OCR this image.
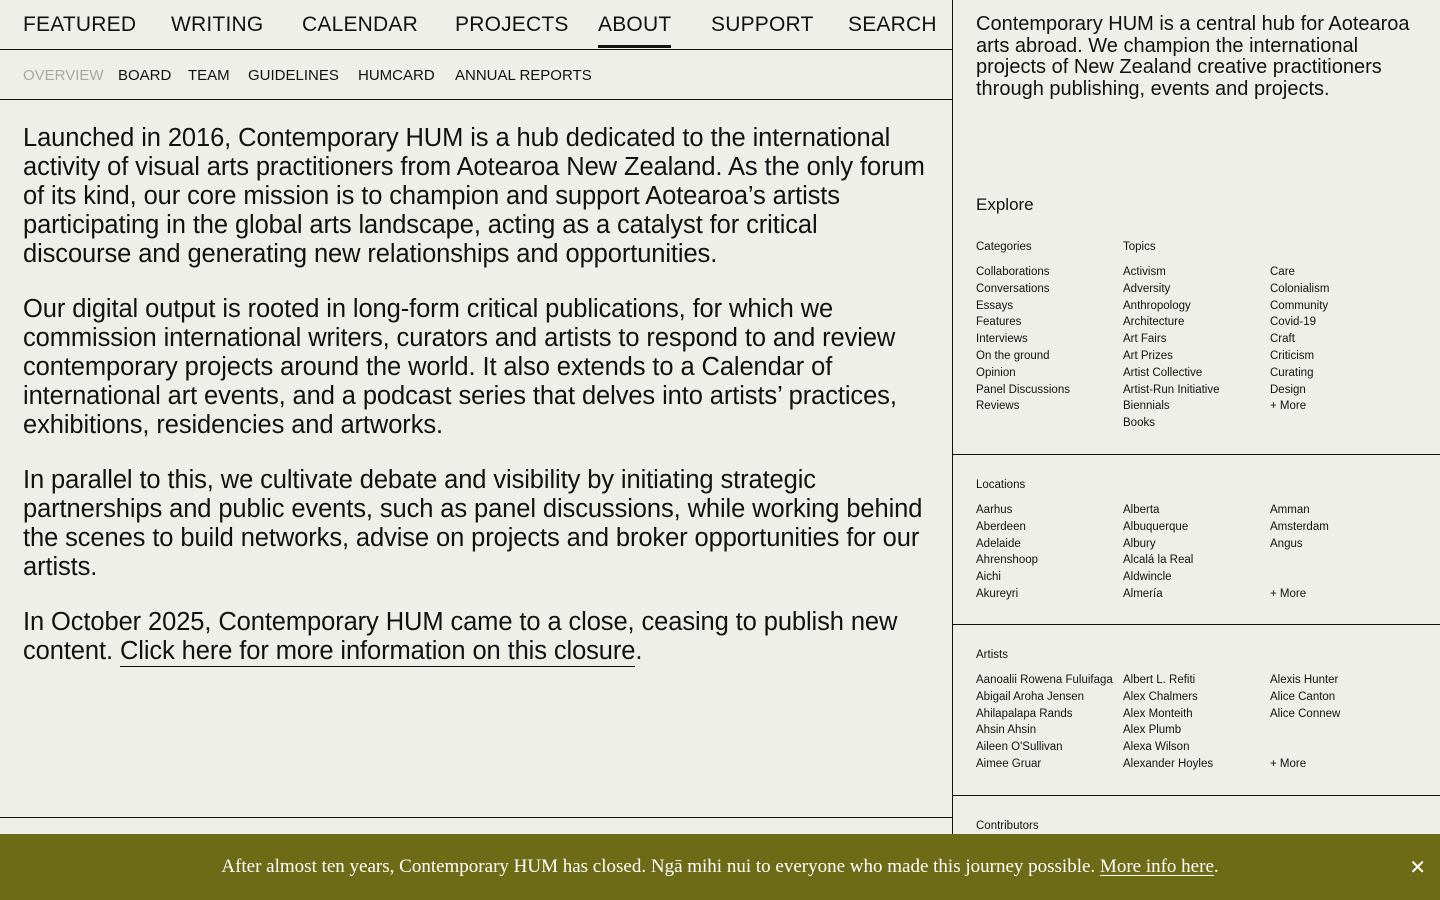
FEATURED WRITING CALENDAR PROJECTS ABOUT SUPPORT SEARCH
OVERVIEW BOARD TEAM GUIDELINES HUMCARD ANNUAL REPORTS

Launched in 2016, Contemporary HUM is a hub dedicated to the international activity of visual arts practitioners from Aotearoa New Zealand. As the only forum of its kind, our core mission is to champion and support Aotearoa’s artists participating in the global arts landscape, acting as a catalyst for critical discourse and generating new relationships and opportunities.

Our digital output is rooted in long-form critical publications, for which we commission international writers, curators and artists to respond to and review contemporary projects around the world. It also extends to a Calendar of international art events, and a podcast series that delves into artists’ practices, exhibitions, residencies and artworks.

In parallel to this, we cultivate debate and visibility by initiating strategic partnerships and public events, such as panel discussions, while working behind the scenes to build networks, advise on projects and broker opportunities for our artists.

In October 2025, Contemporary HUM came to a close, ceasing to publish new content. Click here for more information on this closure.

Contemporary HUM is a central hub for Aotearoa arts abroad. We champion the international projects of New Zealand creative practitioners through publishing, events and projects.
Explore
Categories
Collaborations
Conversations
Essays
Features
Interviews
On the ground
Opinion
Panel Discussions
Reviews
Topics
Activism
Adversity
Anthropology
Architecture
Art Fairs
Art Prizes
Artist Collective
Artist-Run Initiative
Biennials
Books
Care
Colonialism
Community
Covid-19
Craft
Criticism
Curating
Design
+ More
Locations
Aarhus
Aberdeen
Adelaide
Ahrenshoop
Aichi
Akureyri
Alberta
Albuquerque
Albury
Alcalá la Real
Aldwincle
Almería
Amman
Amsterdam
Angus

+ More
Artists
Aanoalii Rowena Fuluifaga
Abigail Aroha Jensen
Ahilapalapa Rands
Ahsin Ahsin
Aileen O'Sullivan
Aimee Gruar
Albert L. Refiti
Alex Chalmers
Alex Monteith
Alex Plumb
Alexa Wilson
Alexander Hoyles
Alexis Hunter
Alice Canton
Alice Connew

+ More
Contributors
After almost ten years, Contemporary HUM has closed. Ngā mihi nui to everyone who made this journey possible. More info here.	✕
